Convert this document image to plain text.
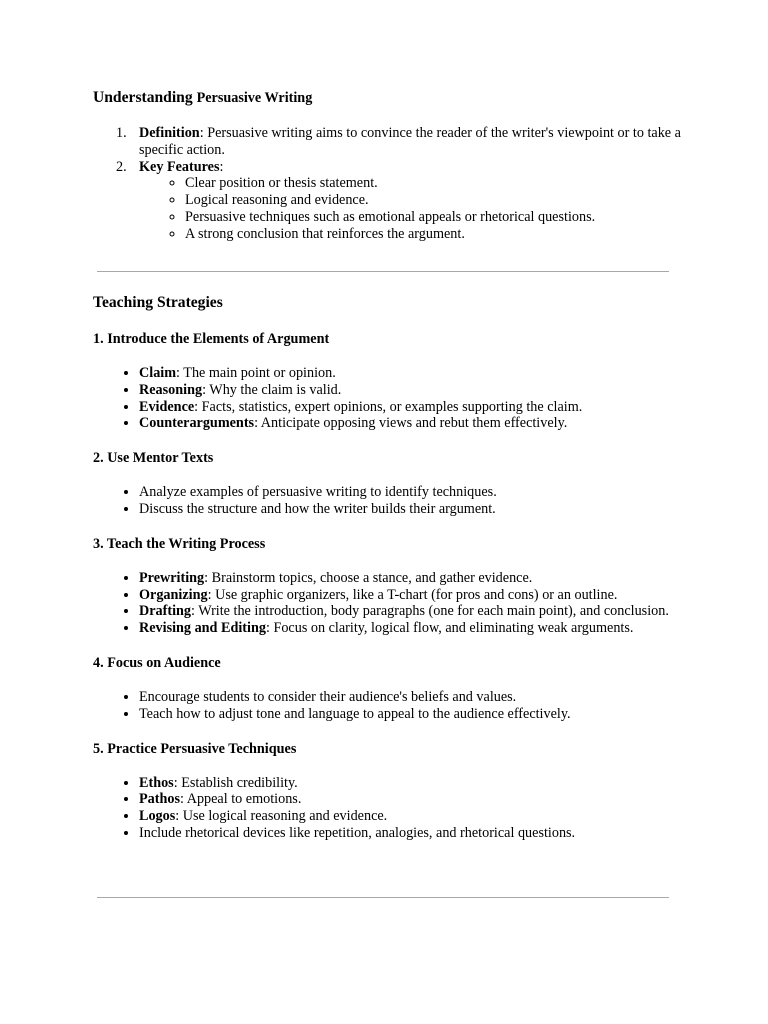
Understanding Persuasive Writing
1. Definition: Persuasive writing aims to convince the reader of the writer's viewpoint or to take a specific action.
2. Key Features:
◦ Clear position or thesis statement.
◦ Logical reasoning and evidence.
◦ Persuasive techniques such as emotional appeals or rhetorical questions.
◦ A strong conclusion that reinforces the argument.
Teaching Strategies
1. Introduce the Elements of Argument
• Claim: The main point or opinion.
• Reasoning: Why the claim is valid.
• Evidence: Facts, statistics, expert opinions, or examples supporting the claim.
• Counterarguments: Anticipate opposing views and rebut them effectively.
2. Use Mentor Texts
• Analyze examples of persuasive writing to identify techniques.
• Discuss the structure and how the writer builds their argument.
3. Teach the Writing Process
• Prewriting: Brainstorm topics, choose a stance, and gather evidence.
• Organizing: Use graphic organizers, like a T-chart (for pros and cons) or an outline.
• Drafting: Write the introduction, body paragraphs (one for each main point), and conclusion.
• Revising and Editing: Focus on clarity, logical flow, and eliminating weak arguments.
4. Focus on Audience
• Encourage students to consider their audience's beliefs and values.
• Teach how to adjust tone and language to appeal to the audience effectively.
5. Practice Persuasive Techniques
• Ethos: Establish credibility.
• Pathos: Appeal to emotions.
• Logos: Use logical reasoning and evidence.
• Include rhetorical devices like repetition, analogies, and rhetorical questions.
